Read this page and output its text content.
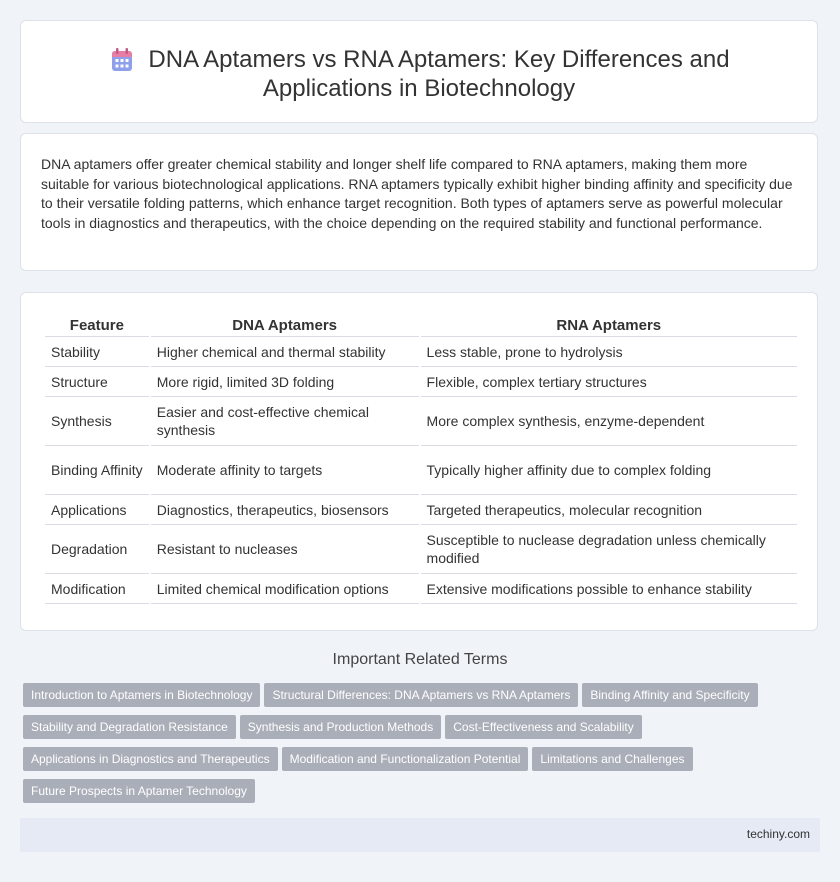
DNA Aptamers vs RNA Aptamers: Key Differences and
Applications in Biotechnology

DNA aptamers offer greater chemical stability and longer shelf life compared to RNA aptamers, making them more suitable for various biotechnological applications. RNA aptamers typically exhibit higher binding affinity and specificity due to their versatile folding patterns, which enhance target recognition. Both types of aptamers serve as powerful molecular tools in diagnostics and therapeutics, with the choice depending on the required stability and functional performance.

Feature	DNA Aptamers	RNA Aptamers
Stability	Higher chemical and thermal stability	Less stable, prone to hydrolysis
Structure	More rigid, limited 3D folding	Flexible, complex tertiary structures
Synthesis	Easier and cost-effective chemical synthesis	More complex synthesis, enzyme-dependent
Binding Affinity	Moderate affinity to targets	Typically higher affinity due to complex folding
Applications	Diagnostics, therapeutics, biosensors	Targeted therapeutics, molecular recognition
Degradation	Resistant to nucleases	Susceptible to nuclease degradation unless chemically modified
Modification	Limited chemical modification options	Extensive modifications possible to enhance stability
Important Related Terms
Introduction to Aptamers in Biotechnology Structural Differences: DNA Aptamers vs RNA Aptamers Binding Affinity and Specificity
Stability and Degradation Resistance Synthesis and Production Methods Cost-Effectiveness and Scalability
Applications in Diagnostics and Therapeutics Modification and Functionalization Potential Limitations and Challenges
Future Prospects in Aptamer Technology
techiny.com
